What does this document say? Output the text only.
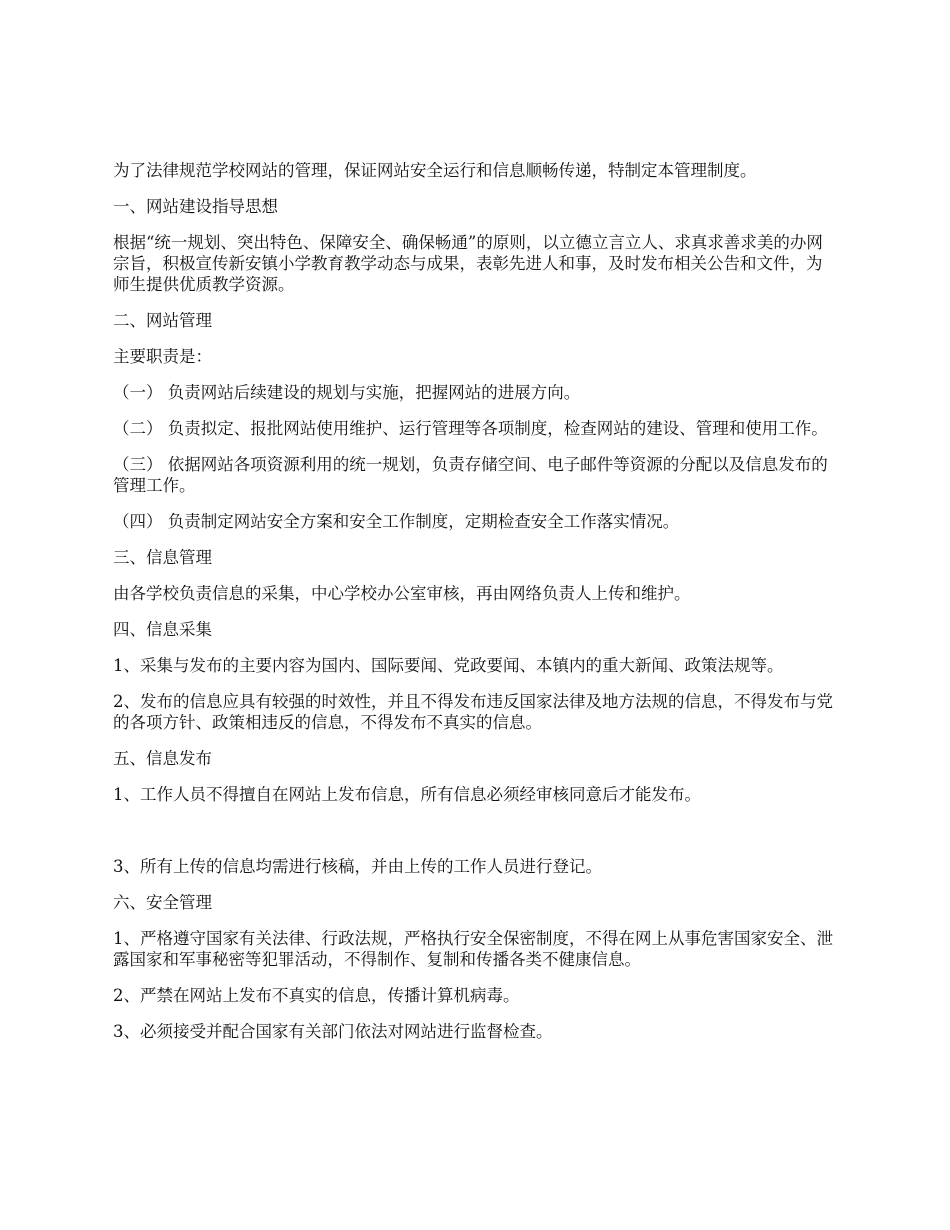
为了法律规范学校网站的管理，保证网站安全运行和信息顺畅传递，特制定本管理制度。

一、网站建设指导思想

根据“统一规划、突出特色、保障安全、确保畅通”的原则，以立德立言立人、求真求善求美的办网宗旨，积极宣传新安镇小学教育教学动态与成果，表彰先进人和事，及时发布相关公告和文件，为师生提供优质教学资源。

二、网站管理

主要职责是：

（一） 负责网站后续建设的规划与实施，把握网站的进展方向。

（二） 负责拟定、报批网站使用维护、运行管理等各项制度，检查网站的建设、管理和使用工作。

（三） 依据网站各项资源利用的统一规划，负责存储空间、电子邮件等资源的分配以及信息发布的管理工作。

（四） 负责制定网站安全方案和安全工作制度，定期检查安全工作落实情况。

三、信息管理

由各学校负责信息的采集，中心学校办公室审核，再由网络负责人上传和维护。

四、信息采集

1、采集与发布的主要内容为国内、国际要闻、党政要闻、本镇内的重大新闻、政策法规等。

2、发布的信息应具有较强的时效性，并且不得发布违反国家法律及地方法规的信息，不得发布与党的各项方针、政策相违反的信息，不得发布不真实的信息。

五、信息发布

1、工作人员不得擅自在网站上发布信息，所有信息必须经审核同意后才能发布。

3、所有上传的信息均需进行核稿，并由上传的工作人员进行登记。

六、安全管理

1、严格遵守国家有关法律、行政法规，严格执行安全保密制度，不得在网上从事危害国家安全、泄露国家和军事秘密等犯罪活动，不得制作、复制和传播各类不健康信息。

2、严禁在网站上发布不真实的信息，传播计算机病毒。

3、必须接受并配合国家有关部门依法对网站进行监督检查。
